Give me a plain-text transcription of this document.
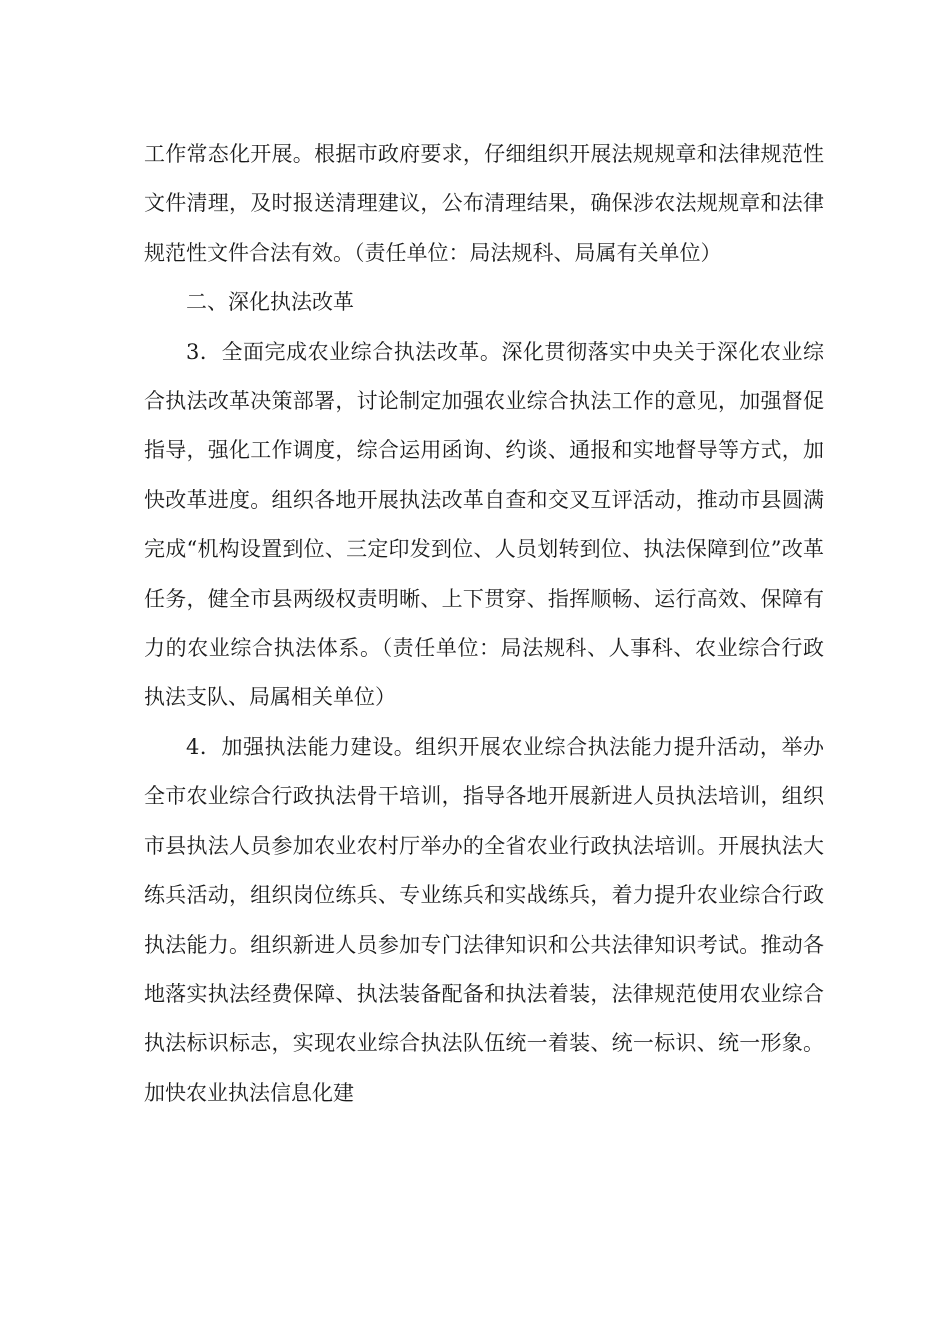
工作常态化开展。根据市政府要求，仔细组织开展法规规章和法律规范性文件清理，及时报送清理建议，公布清理结果，确保涉农法规规章和法律规范性文件合法有效。（责任单位：局法规科、局属有关单位）

二、深化执法改革

3．全面完成农业综合执法改革。深化贯彻落实中央关于深化农业综合执法改革决策部署，讨论制定加强农业综合执法工作的意见，加强督促指导，强化工作调度，综合运用函询、约谈、通报和实地督导等方式，加快改革进度。组织各地开展执法改革自查和交叉互评活动，推动市县圆满完成“机构设置到位、三定印发到位、人员划转到位、执法保障到位”改革任务，健全市县两级权责明晰、上下贯穿、指挥顺畅、运行高效、保障有力的农业综合执法体系。（责任单位：局法规科、人事科、农业综合行政执法支队、局属相关单位）

4．加强执法能力建设。组织开展农业综合执法能力提升活动，举办全市农业综合行政执法骨干培训，指导各地开展新进人员执法培训，组织市县执法人员参加农业农村厅举办的全省农业行政执法培训。开展执法大练兵活动，组织岗位练兵、专业练兵和实战练兵，着力提升农业综合行政执法能力。组织新进人员参加专门法律知识和公共法律知识考试。推动各地落实执法经费保障、执法装备配备和执法着装，法律规范使用农业综合执法标识标志，实现农业综合执法队伍统一着装、统一标识、统一形象。加快农业执法信息化建
